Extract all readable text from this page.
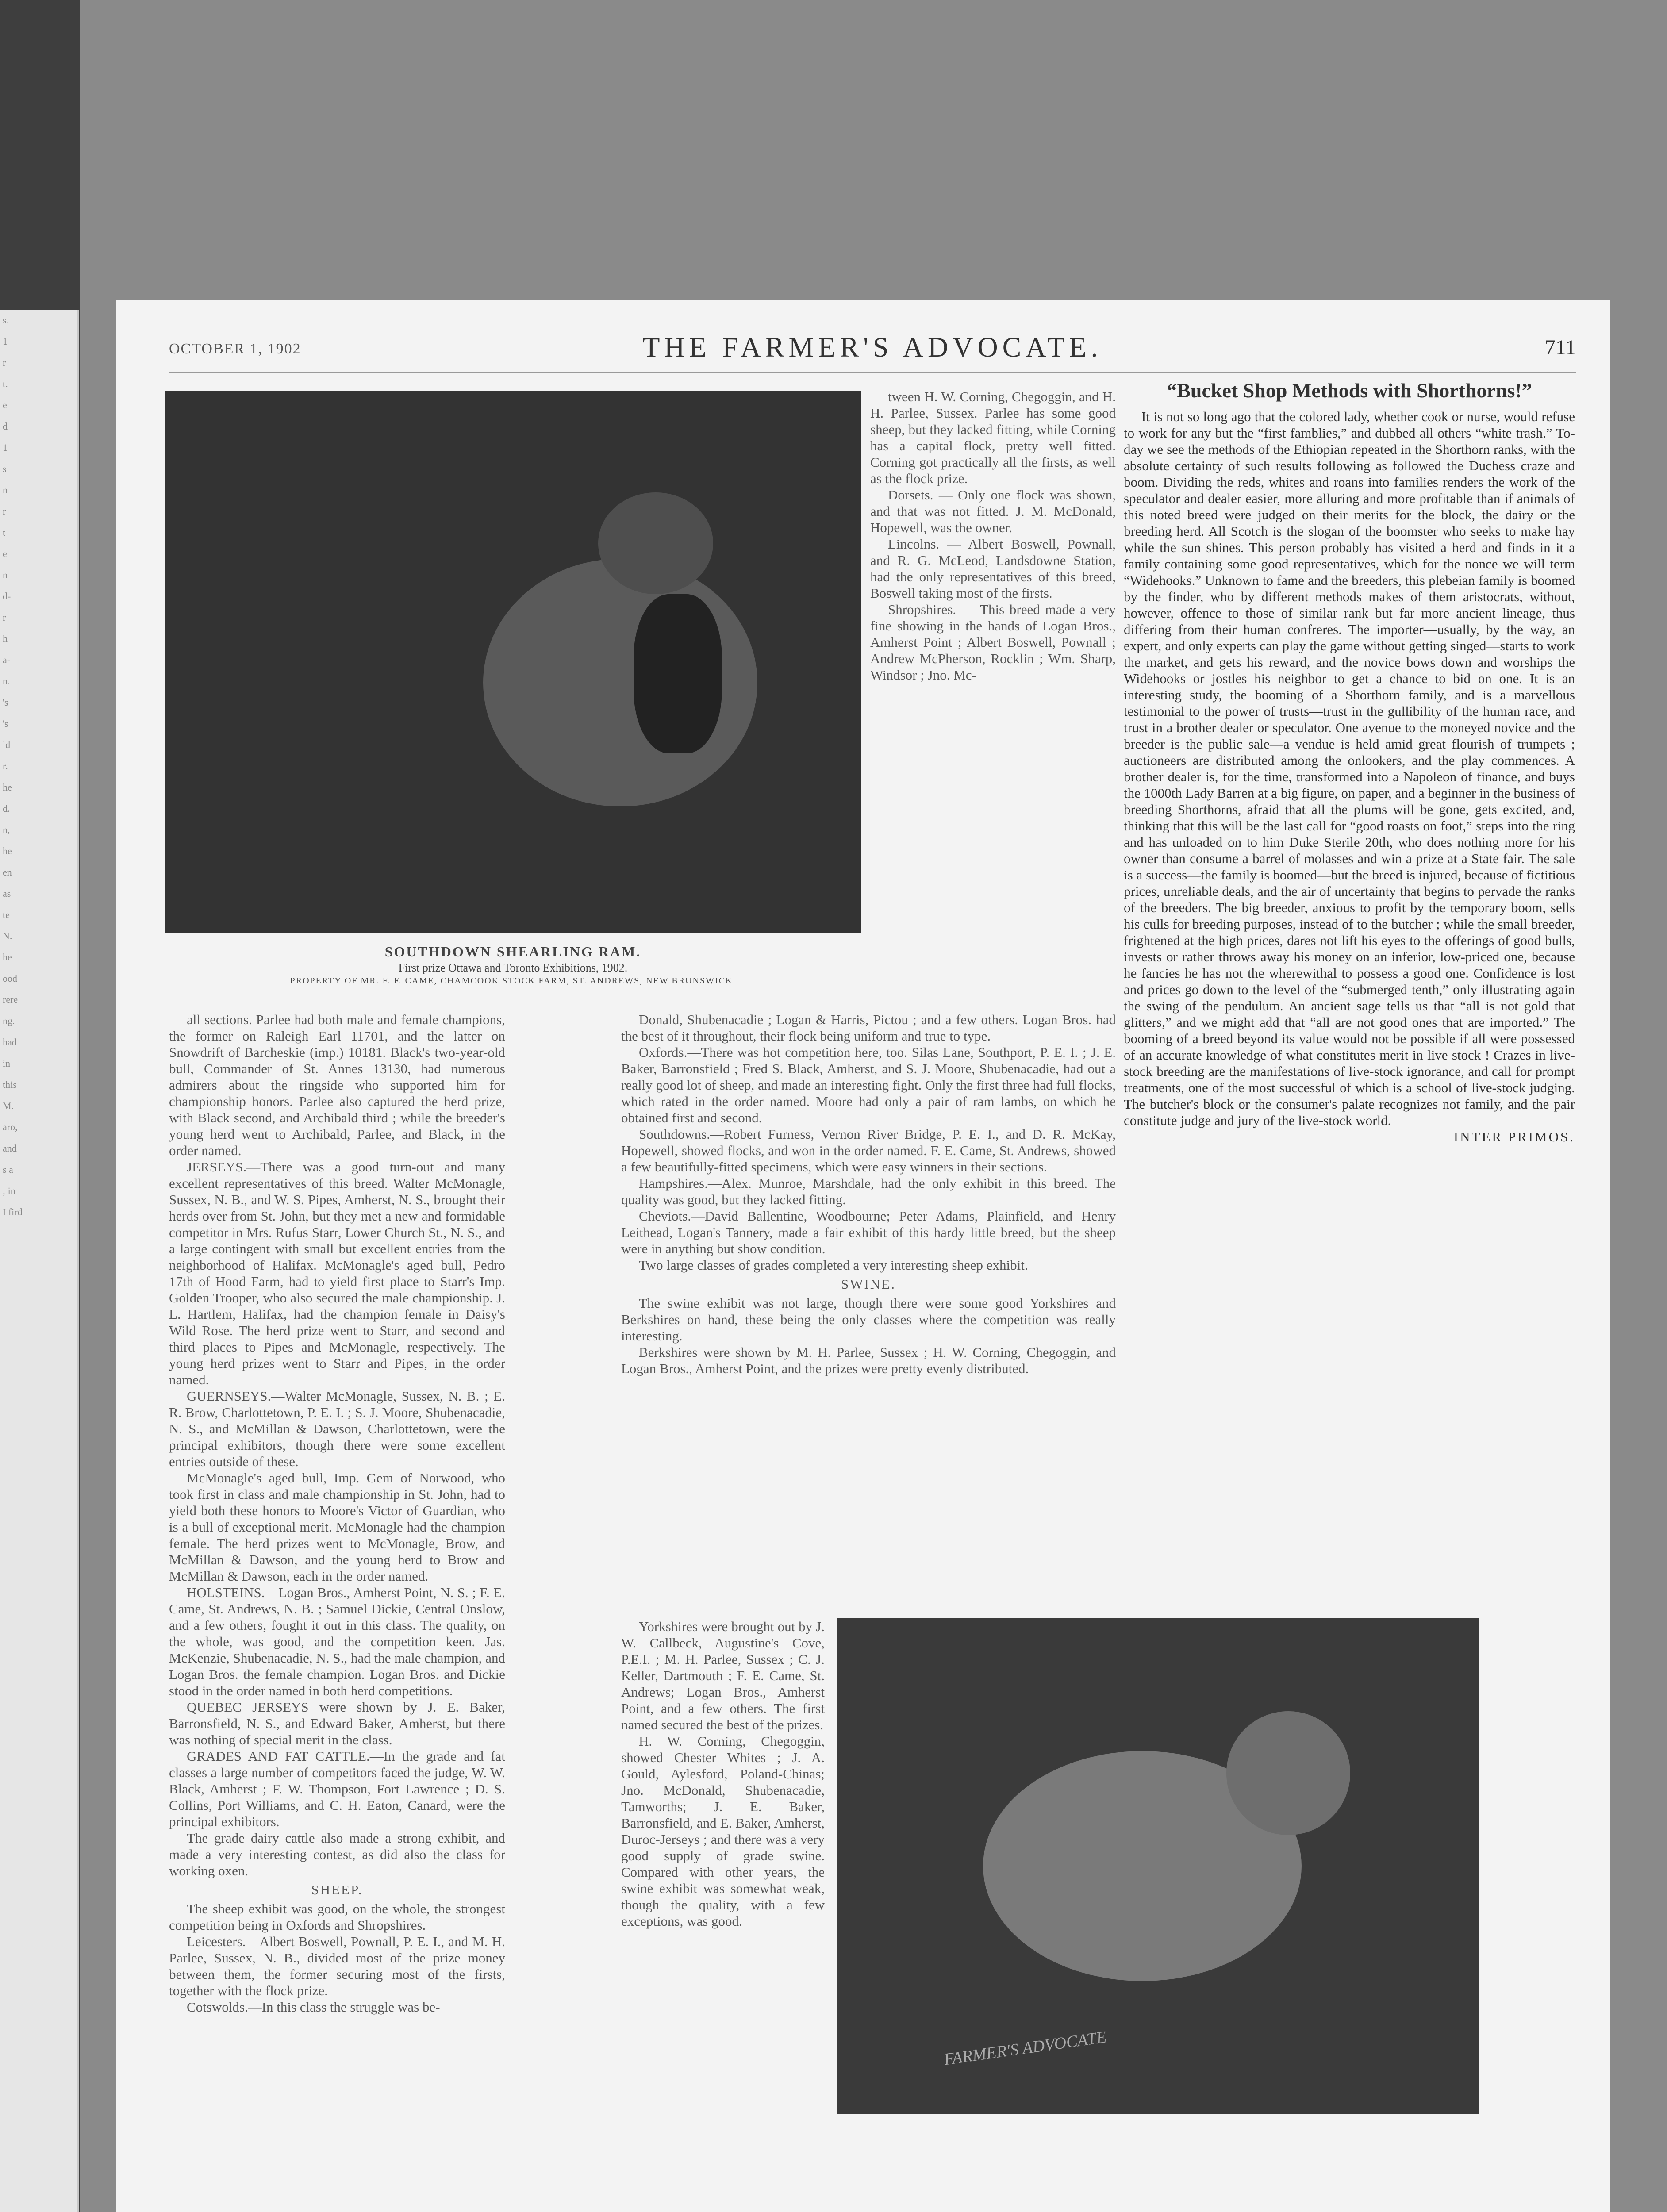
s.
1
r
t.
e
d
1
s
n
r
t
e
n
d-
r
h
a-
n.
's
's
ld
r.
he
d.
n,
he
en
as
te
N.
he
ood
rere
ng.
had
in
this
M.
aro,
and
s a
; in
I fird
OCTOBER 1, 1902	THE FARMER'S ADVOCATE.	711
SOUTHDOWN SHEARLING RAM.
First prize Ottawa and Toronto Exhibitions, 1902.
PROPERTY OF MR. F. F. CAME, CHAMCOOK STOCK FARM, ST. ANDREWS, NEW BRUNSWICK.

all sections. Parlee had both male and female champions, the former on Raleigh Earl 11701, and the latter on Snowdrift of Barcheskie (imp.) 10181. Black's two-year-old bull, Commander of St. Annes 13130, had numerous admirers about the ringside who supported him for championship honors. Parlee also captured the herd prize, with Black second, and Archibald third ; while the breeder's young herd went to Archibald, Parlee, and Black, in the order named.

JERSEYS.—There was a good turn-out and many excellent representatives of this breed. Walter McMonagle, Sussex, N. B., and W. S. Pipes, Amherst, N. S., brought their herds over from St. John, but they met a new and formidable competitor in Mrs. Rufus Starr, Lower Church St., N. S., and a large contingent with small but excellent entries from the neighborhood of Halifax. McMonagle's aged bull, Pedro 17th of Hood Farm, had to yield first place to Starr's Imp. Golden Trooper, who also secured the male championship. J. L. Hartlem, Halifax, had the champion female in Daisy's Wild Rose. The herd prize went to Starr, and second and third places to Pipes and McMonagle, respectively. The young herd prizes went to Starr and Pipes, in the order named.

GUERNSEYS.—Walter McMonagle, Sussex, N. B. ; E. R. Brow, Charlottetown, P. E. I. ; S. J. Moore, Shubenacadie, N. S., and McMillan & Dawson, Charlottetown, were the principal exhibitors, though there were some excellent entries outside of these.

McMonagle's aged bull, Imp. Gem of Norwood, who took first in class and male championship in St. John, had to yield both these honors to Moore's Victor of Guardian, who is a bull of exceptional merit. McMonagle had the champion female. The herd prizes went to McMonagle, Brow, and McMillan & Dawson, and the young herd to Brow and McMillan & Dawson, each in the order named.

HOLSTEINS.—Logan Bros., Amherst Point, N. S. ; F. E. Came, St. Andrews, N. B. ; Samuel Dickie, Central Onslow, and a few others, fought it out in this class. The quality, on the whole, was good, and the competition keen. Jas. McKenzie, Shubenacadie, N. S., had the male champion, and Logan Bros. the female champion. Logan Bros. and Dickie stood in the order named in both herd competitions.

QUEBEC JERSEYS were shown by J. E. Baker, Barronsfield, N. S., and Edward Baker, Amherst, but there was nothing of special merit in the class.

GRADES AND FAT CATTLE.—In the grade and fat classes a large number of competitors faced the judge, W. W. Black, Amherst ; F. W. Thompson, Fort Lawrence ; D. S. Collins, Port Williams, and C. H. Eaton, Canard, were the principal exhibitors.

The grade dairy cattle also made a strong exhibit, and made a very interesting contest, as did also the class for working oxen.

SHEEP.

The sheep exhibit was good, on the whole, the strongest competition being in Oxfords and Shropshires.

Leicesters.—Albert Boswell, Pownall, P. E. I., and M. H. Parlee, Sussex, N. B., divided most of the prize money between them, the former securing most of the firsts, together with the flock prize.

Cotswolds.—In this class the struggle was be-

tween H. W. Corning, Chegoggin, and H. H. Parlee, Sussex. Parlee has some good sheep, but they lacked fitting, while Corning has a capital flock, pretty well fitted. Corning got practically all the firsts, as well as the flock prize.

Dorsets. — Only one flock was shown, and that was not fitted. J. M. McDonald, Hopewell, was the owner.

Lincolns. — Albert Boswell, Pownall, and R. G. McLeod, Landsdowne Station, had the only representatives of this breed, Boswell taking most of the firsts.

Shropshires. — This breed made a very fine showing in the hands of Logan Bros., Amherst Point ; Albert Boswell, Pownall ; Andrew McPherson, Rocklin ; Wm. Sharp, Windsor ; Jno. Mc-

Donald, Shubenacadie ; Logan & Harris, Pictou ; and a few others. Logan Bros. had the best of it throughout, their flock being uniform and true to type.

Oxfords.—There was hot competition here, too. Silas Lane, Southport, P. E. I. ; J. E. Baker, Barronsfield ; Fred S. Black, Amherst, and S. J. Moore, Shubenacadie, had out a really good lot of sheep, and made an interesting fight. Only the first three had full flocks, which rated in the order named. Moore had only a pair of ram lambs, on which he obtained first and second.

Southdowns.—Robert Furness, Vernon River Bridge, P. E. I., and D. R. McKay, Hopewell, showed flocks, and won in the order named. F. E. Came, St. Andrews, showed a few beautifully-fitted specimens, which were easy winners in their sections.

Hampshires.—Alex. Munroe, Marshdale, had the only exhibit in this breed. The quality was good, but they lacked fitting.

Cheviots.—David Ballentine, Woodbourne; Peter Adams, Plainfield, and Henry Leithead, Logan's Tannery, made a fair exhibit of this hardy little breed, but the sheep were in anything but show condition.

Two large classes of grades completed a very interesting sheep exhibit.

SWINE.

The swine exhibit was not large, though there were some good Yorkshires and Berkshires on hand, these being the only classes where the competition was really interesting.

Berkshires were shown by M. H. Parlee, Sussex ; H. W. Corning, Chegoggin, and Logan Bros., Amherst Point, and the prizes were pretty evenly distributed.

Yorkshires were brought out by J. W. Callbeck, Augustine's Cove, P.E.I. ; M. H. Parlee, Sussex ; C. J. Keller, Dartmouth ; F. E. Came, St. Andrews; Logan Bros., Amherst Point, and a few others. The first named secured the best of the prizes.

H. W. Corning, Chegoggin, showed Chester Whites ; J. A. Gould, Aylesford, Poland-Chinas; Jno. McDonald, Shubenacadie, Tamworths; J. E. Baker, Barronsfield, and E. Baker, Amherst, Duroc-Jerseys ; and there was a very good supply of grade swine. Compared with other years, the swine exhibit was somewhat weak, though the quality, with a few exceptions, was good.

“Bucket Shop Methods with Shorthorns!”

It is not so long ago that the colored lady, whether cook or nurse, would refuse to work for any but the “first famblies,” and dubbed all others “white trash.” To-day we see the methods of the Ethiopian repeated in the Shorthorn ranks, with the absolute certainty of such results following as followed the Duchess craze and boom. Dividing the reds, whites and roans into families renders the work of the speculator and dealer easier, more alluring and more profitable than if animals of this noted breed were judged on their merits for the block, the dairy or the breeding herd. All Scotch is the slogan of the boomster who seeks to make hay while the sun shines. This person probably has visited a herd and finds in it a family containing some good representatives, which for the nonce we will term “Widehooks.” Unknown to fame and the breeders, this plebeian family is boomed by the finder, who by different methods makes of them aristocrats, without, however, offence to those of similar rank but far more ancient lineage, thus differing from their human confreres. The importer—usually, by the way, an expert, and only experts can play the game without getting singed—starts to work the market, and gets his reward, and the novice bows down and worships the Widehooks or jostles his neighbor to get a chance to bid on one. It is an interesting study, the booming of a Shorthorn family, and is a marvellous testimonial to the power of trusts—trust in the gullibility of the human race, and trust in a brother dealer or speculator. One avenue to the moneyed novice and the breeder is the public sale—a vendue is held amid great flourish of trumpets ; auctioneers are distributed among the onlookers, and the play commences. A brother dealer is, for the time, transformed into a Napoleon of finance, and buys the 1000th Lady Barren at a big figure, on paper, and a beginner in the business of breeding Shorthorns, afraid that all the plums will be gone, gets excited, and, thinking that this will be the last call for “good roasts on foot,” steps into the ring and has unloaded on to him Duke Sterile 20th, who does nothing more for his owner than consume a barrel of molasses and win a prize at a State fair. The sale is a success—the family is boomed—but the breed is injured, because of fictitious prices, unreliable deals, and the air of uncertainty that begins to pervade the ranks of the breeders. The big breeder, anxious to profit by the temporary boom, sells his culls for breeding purposes, instead of to the butcher ; while the small breeder, frightened at the high prices, dares not lift his eyes to the offerings of good bulls, invests or rather throws away his money on an inferior, low-priced one, because he fancies he has not the wherewithal to possess a good one. Confidence is lost and prices go down to the level of the “submerged tenth,” only illustrating again the swing of the pendulum. An ancient sage tells us that “all is not gold that glitters,” and we might add that “all are not good ones that are imported.” The booming of a breed beyond its value would not be possible if all were possessed of an accurate knowledge of what constitutes merit in live stock ! Crazes in live-stock breeding are the manifestations of live-stock ignorance, and call for prompt treatments, one of the most successful of which is a school of live-stock judging. The butcher's block or the consumer's palate recognizes not family, and the pair constitute judge and jury of the live-stock world.

INTER PRIMOS.

FARMER'S ADVOCATE
